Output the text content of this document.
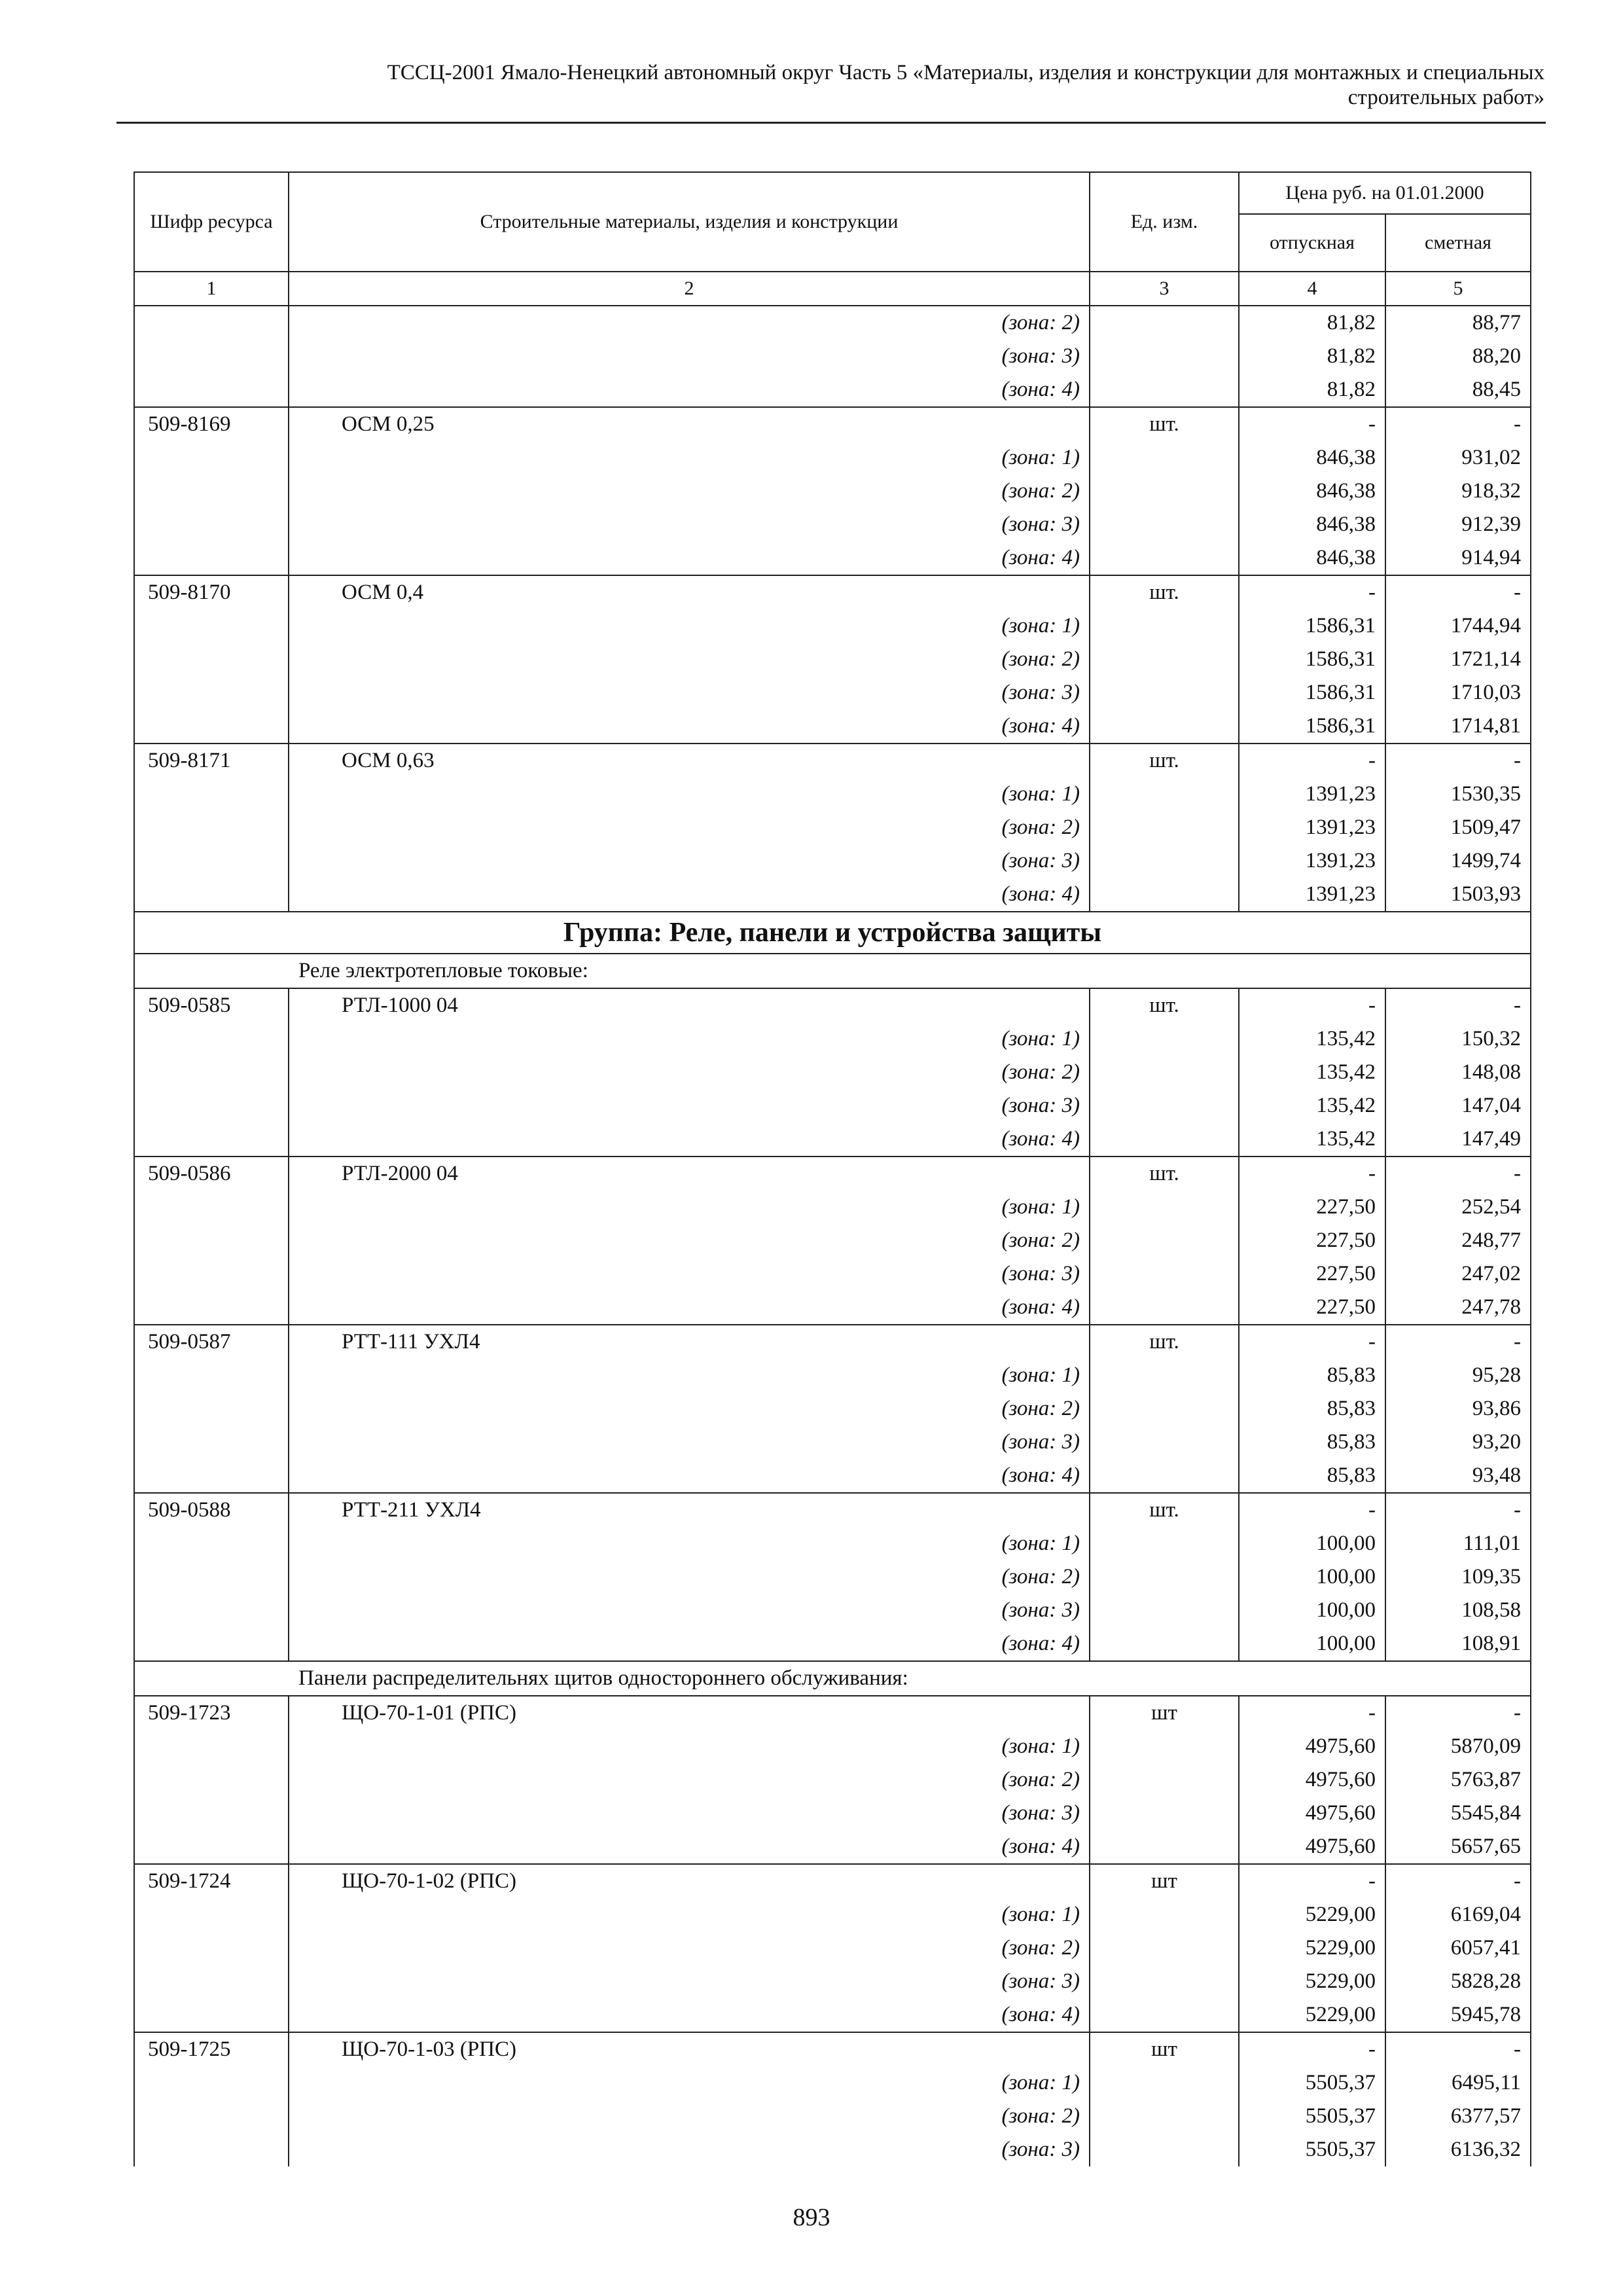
ТССЦ-2001 Ямало-Ненецкий автономный округ Часть 5 «Материалы, изделия и конструкции для монтажных и специальных
строительных работ»
Шифр ресурса	Строительные материалы, изделия и конструкции	Ед. изм.	Цена руб. на 01.01.2000	
			отпускная	сметная
1	2	3	4	5
	(зона: 2)		81,82	88,77
	(зона: 3)		81,82	88,20
	(зона: 4)		81,82	88,45
509-8169	ОСМ 0,25	шт.	-	-
	(зона: 1)		846,38	931,02
	(зона: 2)		846,38	918,32
	(зона: 3)		846,38	912,39
	(зона: 4)		846,38	914,94
509-8170	ОСМ 0,4	шт.	-	-
	(зона: 1)		1586,31	1744,94
	(зона: 2)		1586,31	1721,14
	(зона: 3)		1586,31	1710,03
	(зона: 4)		1586,31	1714,81
509-8171	ОСМ 0,63	шт.	-	-
	(зона: 1)		1391,23	1530,35
	(зона: 2)		1391,23	1509,47
	(зона: 3)		1391,23	1499,74
	(зона: 4)		1391,23	1503,93
Группа: Реле, панели и устройства защиты				
Реле электротепловые токовые:				
509-0585	РТЛ-1000 04	шт.	-	-
	(зона: 1)		135,42	150,32
	(зона: 2)		135,42	148,08
	(зона: 3)		135,42	147,04
	(зона: 4)		135,42	147,49
509-0586	РТЛ-2000 04	шт.	-	-
	(зона: 1)		227,50	252,54
	(зона: 2)		227,50	248,77
	(зона: 3)		227,50	247,02
	(зона: 4)		227,50	247,78
509-0587	РТТ-111 УХЛ4	шт.	-	-
	(зона: 1)		85,83	95,28
	(зона: 2)		85,83	93,86
	(зона: 3)		85,83	93,20
	(зона: 4)		85,83	93,48
509-0588	РТТ-211 УХЛ4	шт.	-	-
	(зона: 1)		100,00	111,01
	(зона: 2)		100,00	109,35
	(зона: 3)		100,00	108,58
	(зона: 4)		100,00	108,91
Панели распределительнях щитов одностороннего обслуживания:				
509-1723	ЩО-70-1-01 (РПС)	шт	-	-
	(зона: 1)		4975,60	5870,09
	(зона: 2)		4975,60	5763,87
	(зона: 3)		4975,60	5545,84
	(зона: 4)		4975,60	5657,65
509-1724	ЩО-70-1-02 (РПС)	шт	-	-
	(зона: 1)		5229,00	6169,04
	(зона: 2)		5229,00	6057,41
	(зона: 3)		5229,00	5828,28
	(зона: 4)		5229,00	5945,78
509-1725	ЩО-70-1-03 (РПС)	шт	-	-
	(зона: 1)		5505,37	6495,11
	(зона: 2)		5505,37	6377,57
	(зона: 3)		5505,37	6136,32
893
